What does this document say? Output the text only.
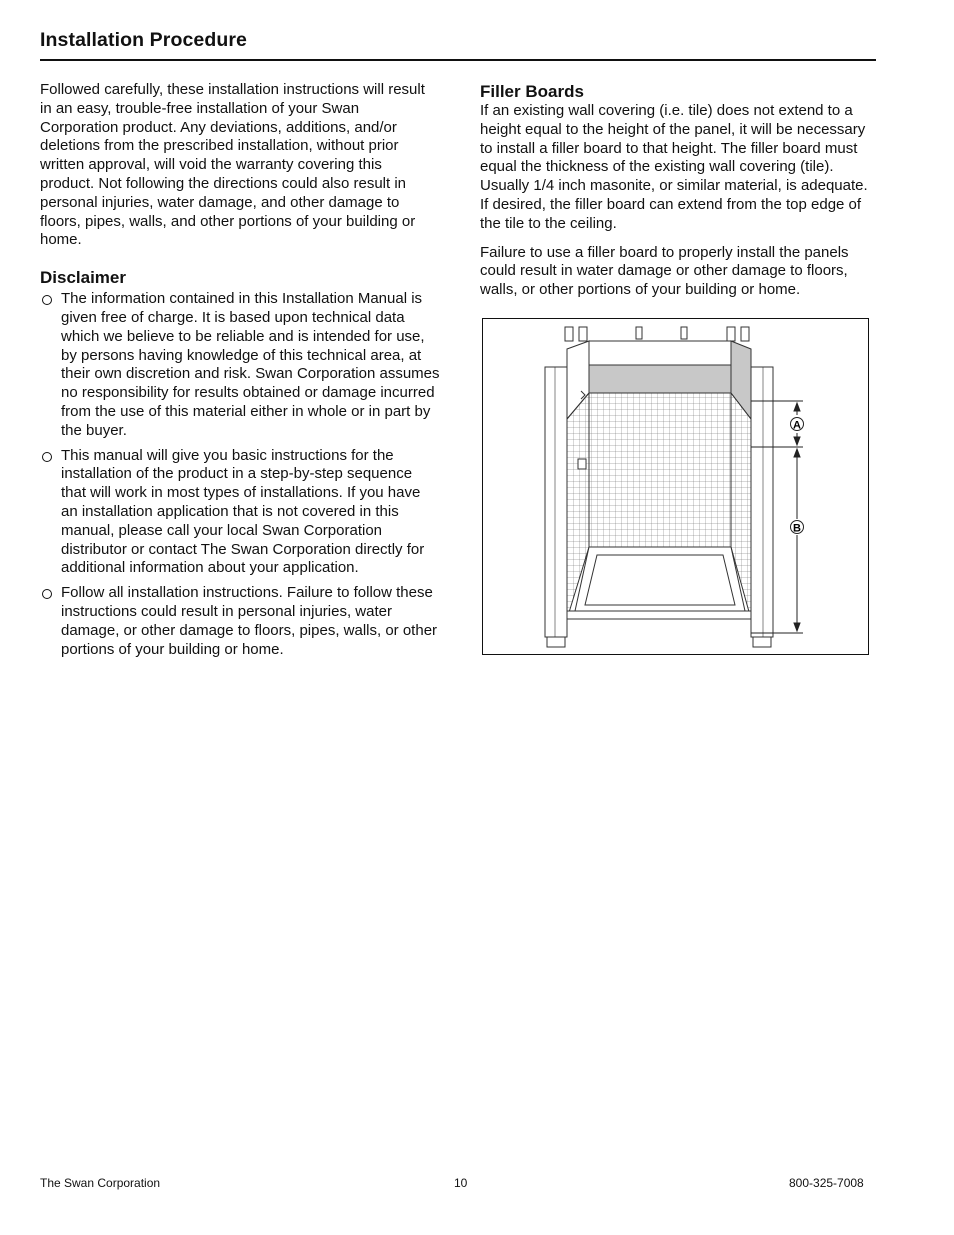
Installation Procedure

Followed carefully, these installation instructions will result in an easy, trouble-free installation of your Swan Corporation product. Any deviations, additions, and/or deletions from the prescribed installation, without prior written approval, will void the warranty covering this product. Not following the directions could also result in personal injuries, water damage, and other damage to floors, pipes, walls, and other portions of your building or home.

Disclaimer
The information contained in this Installation Manual is given free of charge. It is based upon technical data which we believe to be reliable and is intended for use, by persons having knowledge of this technical area, at their own discretion and risk. Swan Corporation assumes no responsibility for results obtained or damage incurred from the use of this material either in whole or in part by the buyer.
This manual will give you basic instructions for the installation of the product in a step-by-step sequence that will work in most types of installations. If you have an installation application that is not covered in this manual, please call your local Swan Corporation distributor or contact The Swan Corporation directly for additional information about your application.
Follow all installation instructions. Failure to follow these instructions could result in personal injuries, water damage, or other damage to floors, pipes, walls, or other portions of your building or home.
Filler Boards

If an existing wall covering (i.e. tile) does not extend to a height equal to the height of the panel, it will be necessary to install a filler board to that height. The filler board must equal the thickness of the existing wall covering (tile). Usually 1/4 inch masonite, or similar material, is adequate. If desired, the filler board can extend from the top edge of the tile to the ceiling.

Failure to use a filler board to properly install the panels could result in water damage or other damage to floors, walls, or other portions of your building or home.

A
B
The Swan Corporation	10	800-325-7008
